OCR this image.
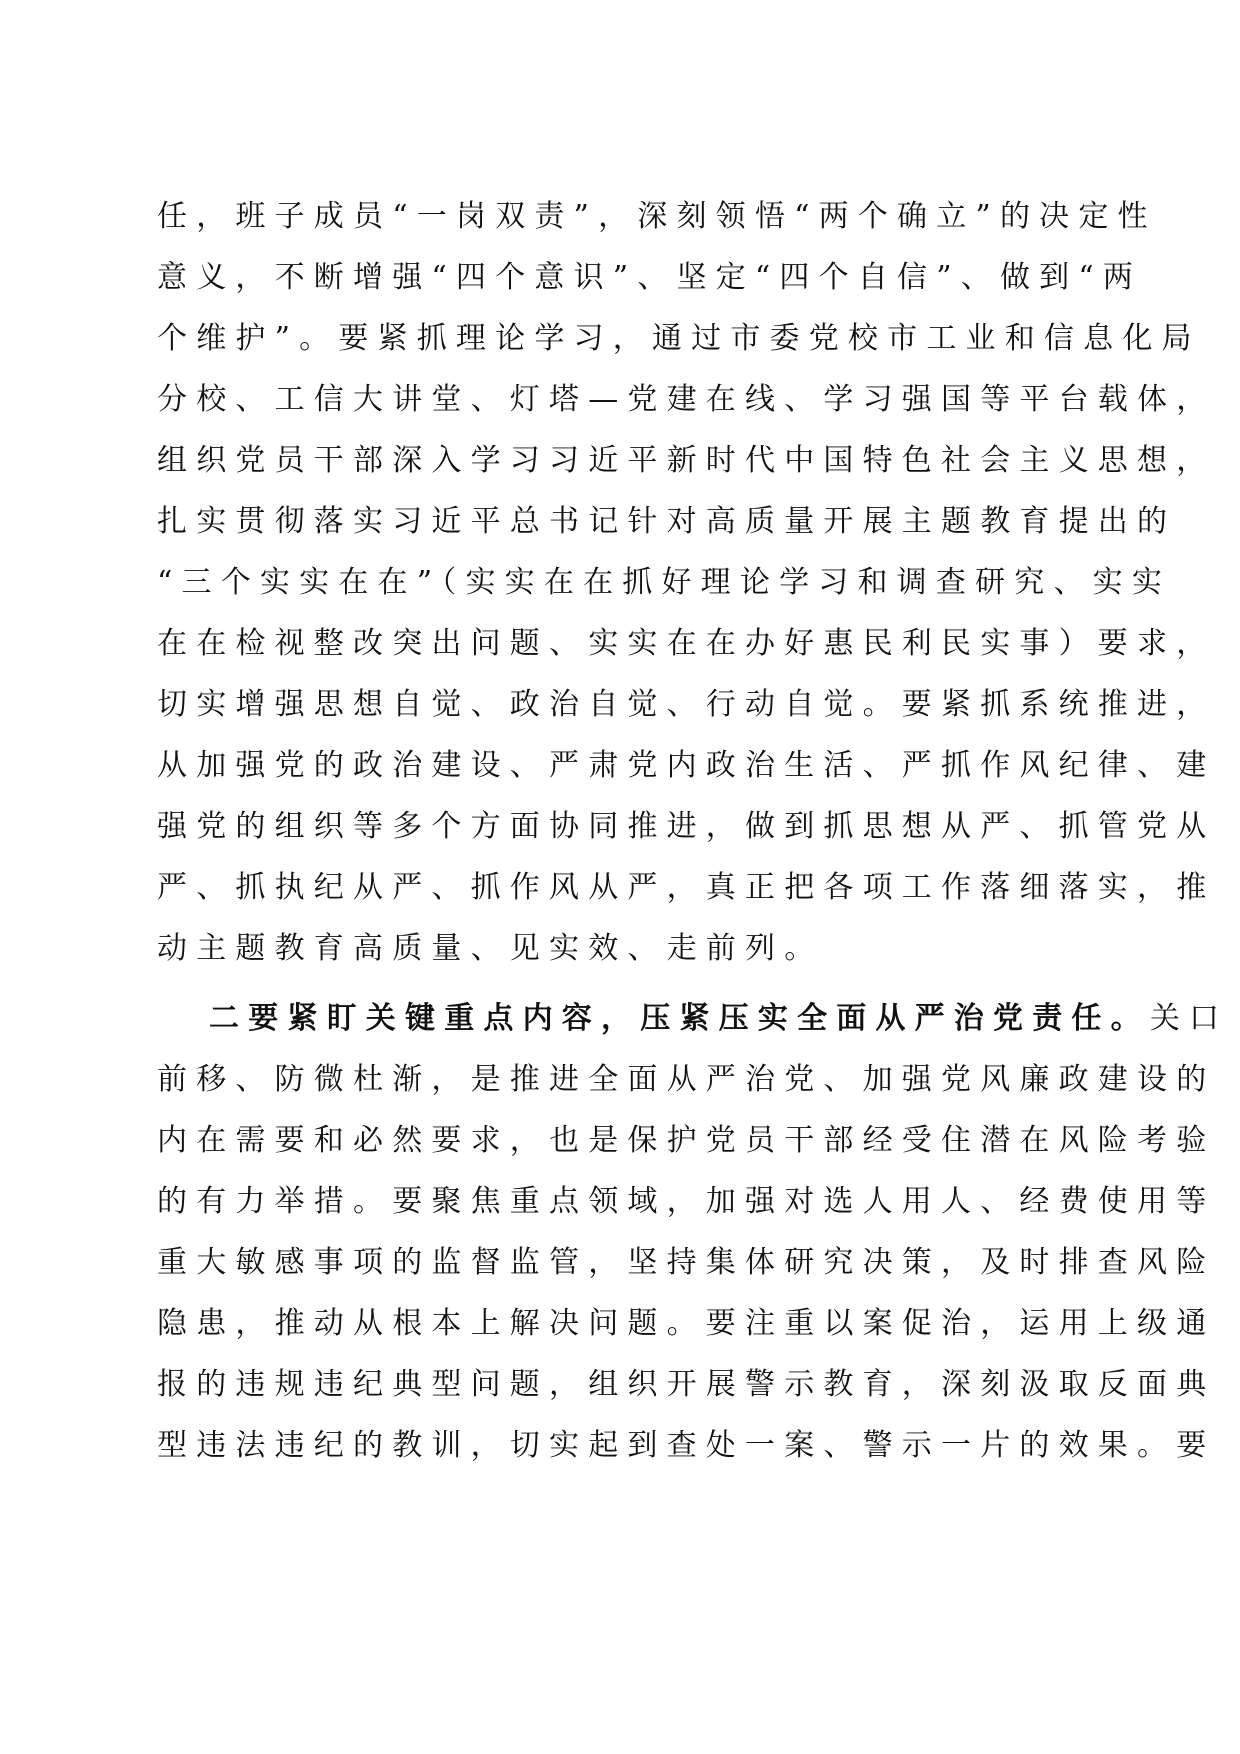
任，班子成员“一岗双责”，深刻领悟“两个确立”的决定性
意义，不断增强“四个意识”、坚定“四个自信”、做到“两
个维护”。要紧抓理论学习，通过市委党校市工业和信息化局
分校、工信大讲堂、灯塔—党建在线、学习强国等平台载体，
组织党员干部深入学习习近平新时代中国特色社会主义思想，
扎实贯彻落实习近平总书记针对高质量开展主题教育提出的
“三个实实在在”（实实在在抓好理论学习和调查研究、实实
在在检视整改突出问题、实实在在办好惠民利民实事）要求，
切实增强思想自觉、政治自觉、行动自觉。要紧抓系统推进，
从加强党的政治建设、严肃党内政治生活、严抓作风纪律、建
强党的组织等多个方面协同推进，做到抓思想从严、抓管党从
严、抓执纪从严、抓作风从严，真正把各项工作落细落实，推
动主题教育高质量、见实效、走前列。
二要紧盯关键重点内容，压紧压实全面从严治党责任。关口
前移、防微杜渐，是推进全面从严治党、加强党风廉政建设的
内在需要和必然要求，也是保护党员干部经受住潜在风险考验
的有力举措。要聚焦重点领域，加强对选人用人、经费使用等
重大敏感事项的监督监管，坚持集体研究决策，及时排查风险
隐患，推动从根本上解决问题。要注重以案促治，运用上级通
报的违规违纪典型问题，组织开展警示教育，深刻汲取反面典
型违法违纪的教训，切实起到查处一案、警示一片的效果。要
